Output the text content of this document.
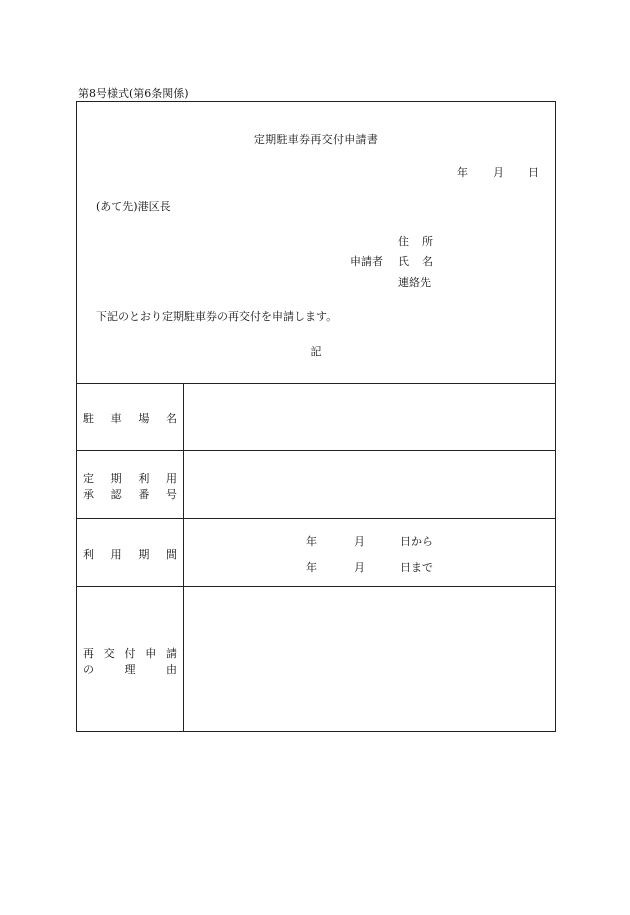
第8号様式(第6条関係)
定期駐車券再交付申請書
年 月 日
(あて先)港区長
住 所
申請者 氏 名
連絡先
下記のとおり定期駐車券の再交付を申請します。
記
駐 車 場 名
定 期 利 用
承 認 番 号
利 用 期 間
年	月	日から
年	月	日まで
再 交 付 申 請
の	理	由
